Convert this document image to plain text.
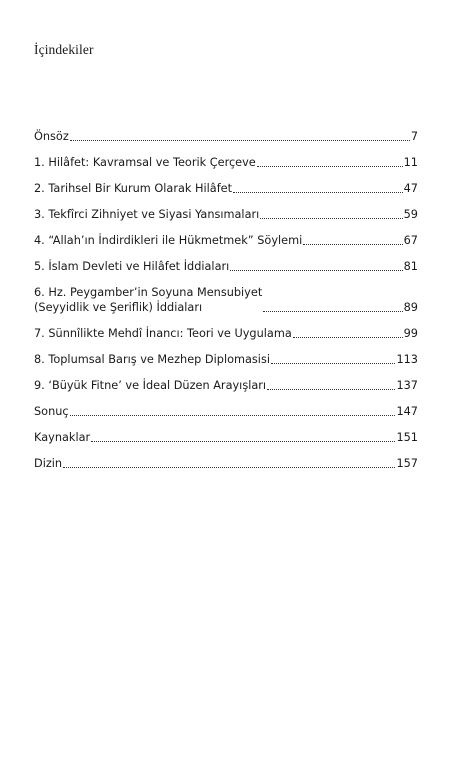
İçindekiler
Önsöz	7
1. Hilâfet: Kavramsal ve Teorik Çerçeve	11
2. Tarihsel Bir Kurum Olarak Hilâfet	47
3. Tekfîrci Zihniyet ve Siyasi Yansımaları	59
4. “Allah’ın İndirdikleri ile Hükmetmek” Söylemi	67
5. İslam Devleti ve Hilâfet İddiaları	81
6. Hz. Peygamber’in Soyuna Mensubiyet
(Seyyidlik ve Şeriflik) İddiaları	89
7. Sünnîlikte Mehdî İnancı: Teori ve Uygulama	99
8. Toplumsal Barış ve Mezhep Diplomasisi	113
9. ‘Büyük Fitne’ ve İdeal Düzen Arayışları	137
Sonuç	147
Kaynaklar	151
Dizin	157
